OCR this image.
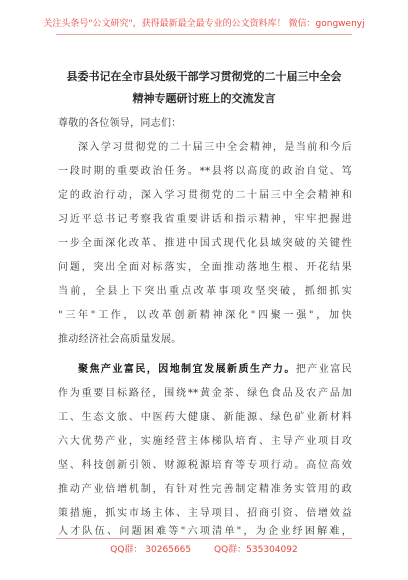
关注头条号"公文研究"，获得最新最全最专业的公文资料库！ 微信：gongwenyj
县委书记在全市县处级干部学习贯彻党的二十届三中全会
精神专题研讨班上的交流发言
尊敬的各位领导，同志们：
深入学习贯彻党的二十届三中全会精神，是当前和今后
一段时期的重要政治任务。**县将以高度的政治自觉、笃
定的政治行动，深入学习贯彻党的二十届三中全会精神和
习近平总书记考察我省重要讲话和指示精神，牢牢把握进
一步全面深化改革、推进中国式现代化县域突破的关键性
问题，突出全面对标落实，全面推动落地生根、开花结果
当前，全县上下突出重点改革事项攻坚突破，抓细抓实
"三年"工作，以改革创新精神深化"四聚一强"，加快
推动经济社会高质量发展。
聚焦产业富民，因地制宜发展新质生产力。把产业富民
作为重要目标路径，围绕**黄金茶、绿色食品及农产品加
工、生态文旅、中医药大健康、新能源、绿色矿业新材料
六大优势产业，实施经营主体梯队培育、主导产业项目攻
坚、科技创新引领、财源税源培育等专项行动。高位高效
推动产业倍增机制，有针对性完善制定精准务实管用的政
策措施，抓实市场主体、主导项目、招商引资、倍增效益
人才队伍、问题困难等"六项清单"，为企业纾困解难，
QQ群： 30265665	QQ群：535304092
